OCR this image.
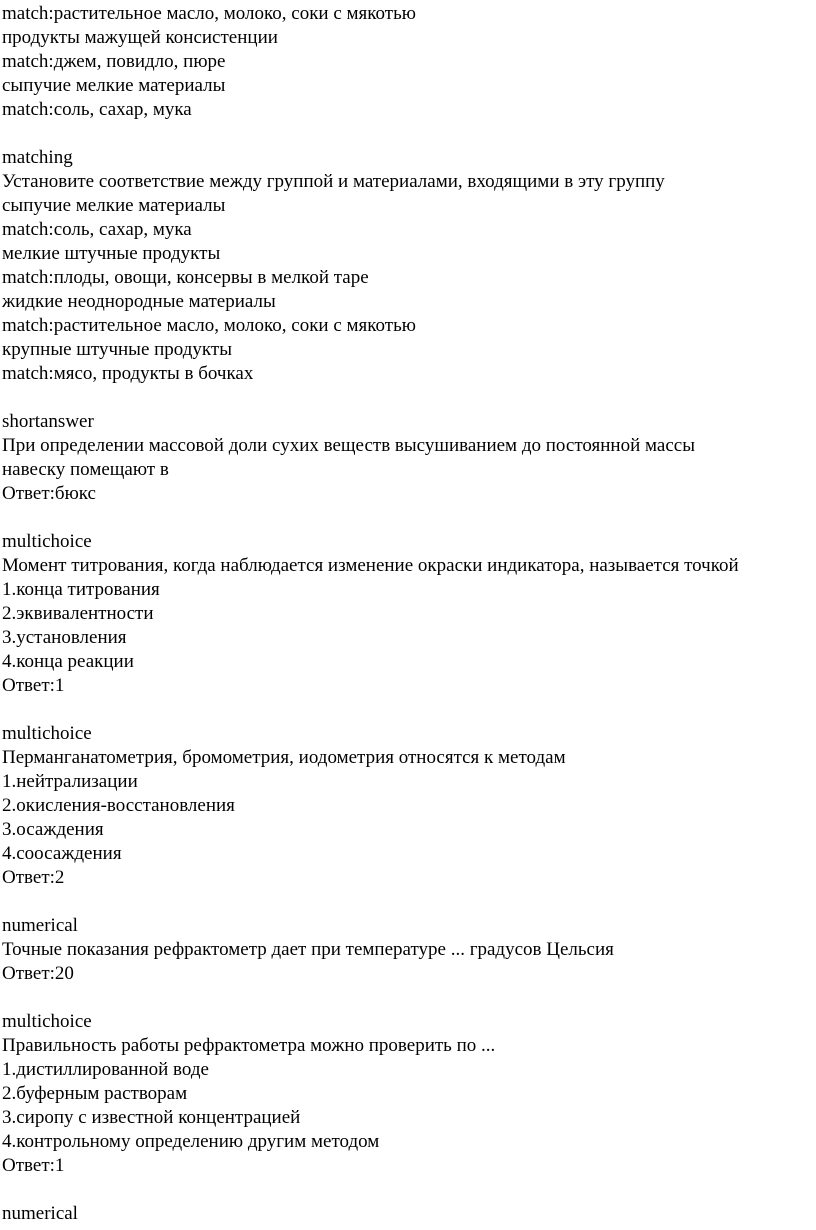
match:растительное масло, молоко, соки с мякотью
продукты мажущей консистенции
match:джем, повидло, пюре
сыпучие мелкие материалы
match:соль, сахар, мука
matching
Установите соответствие между группой и материалами, входящими в эту группу
сыпучие мелкие материалы
match:соль, сахар, мука
мелкие штучные продукты
match:плоды, овощи, консервы в мелкой таре
жидкие неоднородные материалы
match:растительное масло, молоко, соки с мякотью
крупные штучные продукты
match:мясо, продукты в бочках
shortanswer
При определении массовой доли сухих веществ высушиванием до постоянной массы
навеску помещают в
Ответ:бюкс
multichoice
Момент титрования, когда наблюдается изменение окраски индикатора, называется точкой
1.конца титрования
2.эквивалентности
3.установления
4.конца реакции
Ответ:1
multichoice
Перманганатометрия, бромометрия, иодометрия относятся к методам
1.нейтрализации
2.окисления-восстановления
3.осаждения
4.соосаждения
Ответ:2
numerical
Точные показания рефрактометр дает при температуре ... градусов Цельсия
Ответ:20
multichoice
Правильность работы рефрактометра можно проверить по ...
1.дистиллированной воде
2.буферным растворам
3.сиропу с известной концентрацией
4.контрольному определению другим методом
Ответ:1
numerical
